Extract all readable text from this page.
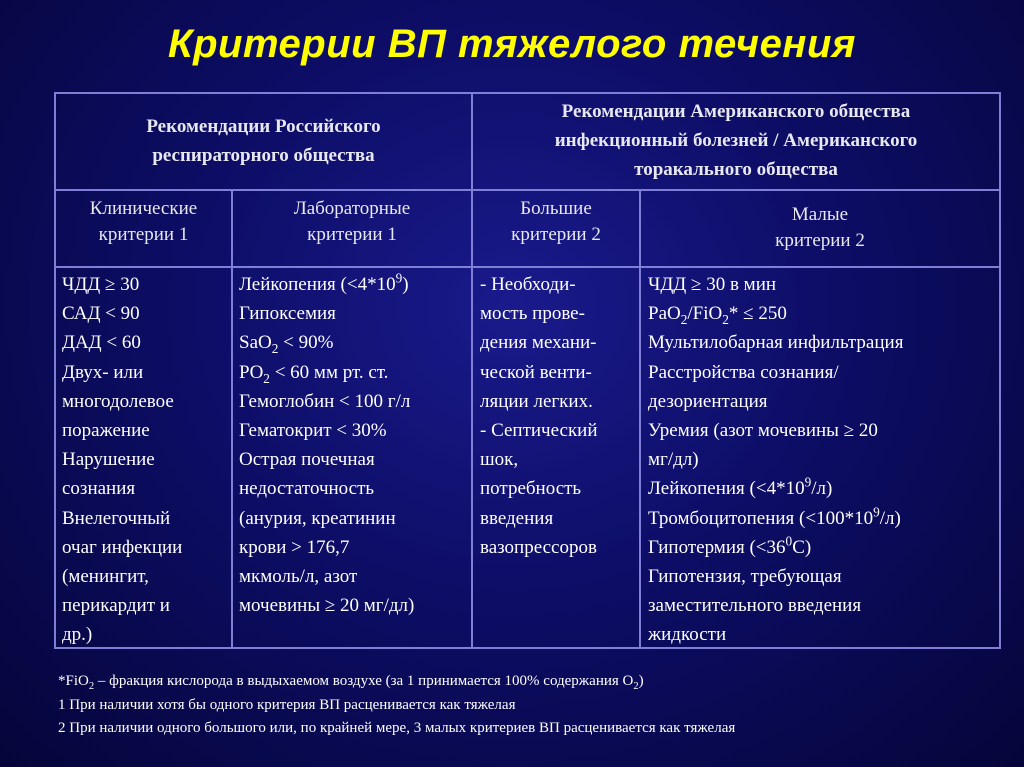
Критерии ВП тяжелого течения
Рекомендации Российского
респираторного общества
Рекомендации Американского общества
инфекционный болезней / Американского
торакального общества
Клинические
критерии 1
Лабораторные
критерии 1
Большие
критерии 2
Малые
критерии 2
ЧДД ≥ 30
САД < 90
ДАД < 60
Двух- или
многодолевое
поражение
Нарушение
сознания
Внелегочный
очаг инфекции
(менингит,
перикардит и
др.)
Лейкопения $(<4*10^9)$
Гипоксемия
SaO$_2$ < 90%
$PO_2 < 60$ мм рт. ст.
Гемоглобин < 100 г/л
Гематокрит < 30%
Острая почечная
недостаточность
(анурия, креатинин
крови > 176,7
мкмоль/л, азот
мочевины ≥ 20 мг/дл)
- Необходи-
мость прове-
дения механи-
ческой венти-
ляции легких.
- Септический
шок,
потребность
введения
вазопрессоров
ЧДД ≥ 30 в мин
PaO$_2$/FiO$_2$* ≤ 250
Мультилобарная инфильтрация
Расстройства сознания/
дезориентация
Уремия (азот мочевины ≥ 20
мг/дл)
Лейкопения $(<4*10^9/л)$
Тромбоцитопения $(<100*10^9/л)$
Гипотермия $(<36^0C)$
Гипотензия, требующая
заместительного введения
жидкости
*FiO$_2$ – фракция кислорода в выдыхаемом воздухе (за 1 принимается 100% содержания $O_2$)
1 При наличии хотя бы одного критерия ВП расценивается как тяжелая
2 При наличии одного большого или, по крайней мере, 3 малых критериев ВП расценивается как тяжелая
